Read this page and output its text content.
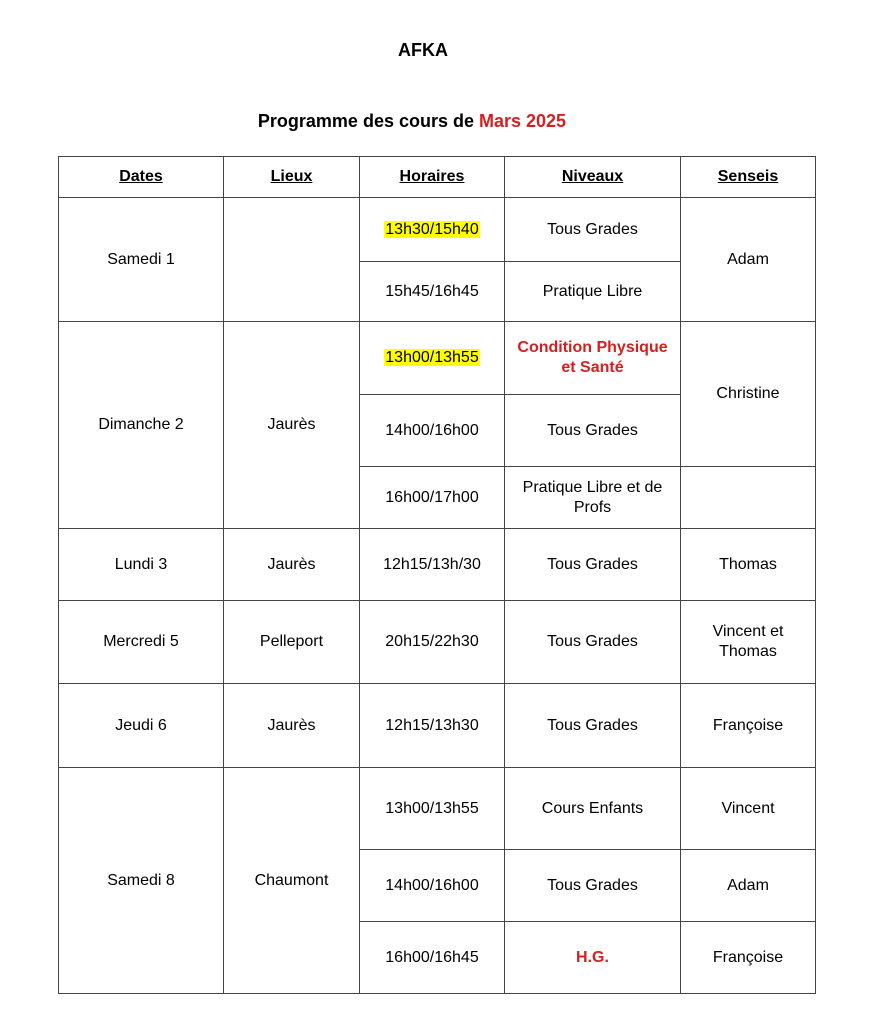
AFKA
Programme des cours de Mars 2025
Dates	Lieux	Horaires	Niveaux	Senseis
Samedi 1		13h30/15h40	Tous Grades	Adam
		15h45/16h45	Pratique Libre	
Dimanche 2	Jaurès	13h00/13h55	Condition Physique et Santé	Christine
		14h00/16h00	Tous Grades	
		16h00/17h00	Pratique Libre et de Profs	
Lundi 3	Jaurès	12h15/13h/30	Tous Grades	Thomas
Mercredi 5	Pelleport	20h15/22h30	Tous Grades	Vincent et Thomas
Jeudi 6	Jaurès	12h15/13h30	Tous Grades	Françoise
Samedi 8	Chaumont	13h00/13h55	Cours Enfants	Vincent
		14h00/16h00	Tous Grades	Adam
		16h00/16h45	H.G.	Françoise
